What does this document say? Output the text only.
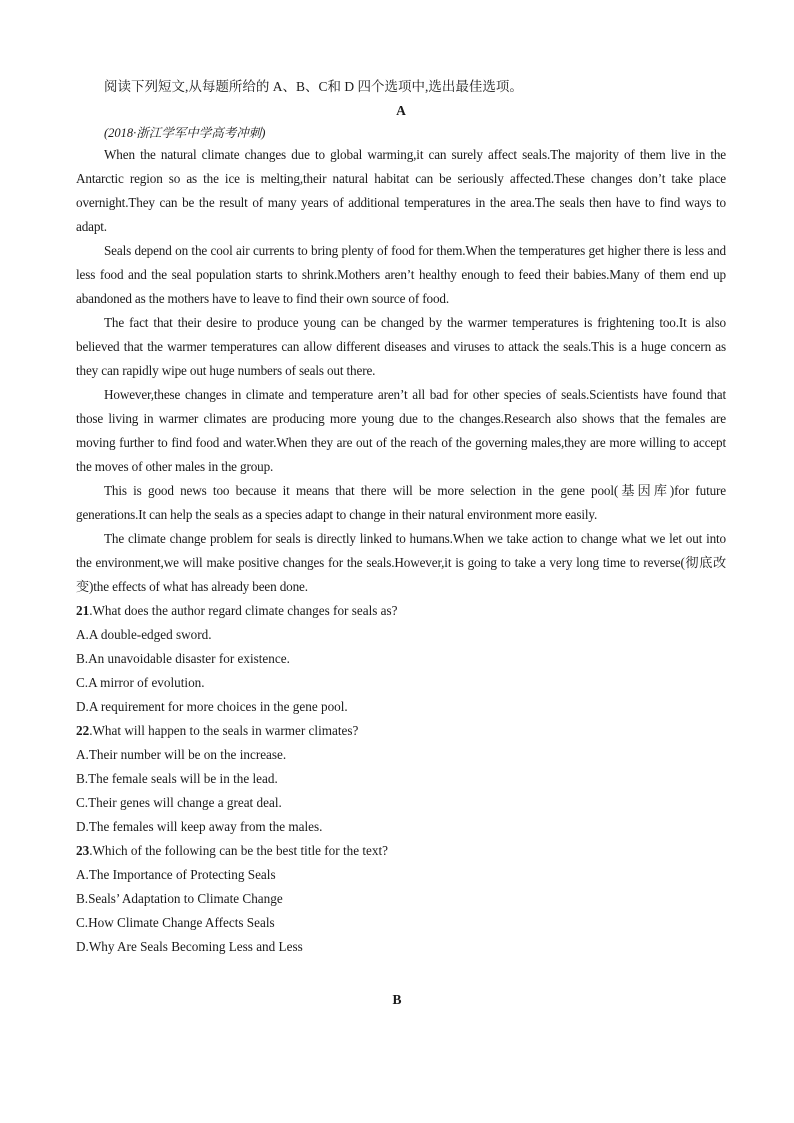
阅读下列短文,从每题所给的 A、B、C和 D 四个选项中,选出最佳选项。

A

(2018·浙江学军中学高考冲刺)

When the natural climate changes due to global warming,it can surely affect seals.The majority of them live in the Antarctic region so as the ice is melting,their natural habitat can be seriously affected.These changes don’t take place overnight.They can be the result of many years of additional temperatures in the area.The seals then have to find ways to adapt.

Seals depend on the cool air currents to bring plenty of food for them.When the temperatures get higher there is less and less food and the seal population starts to shrink.Mothers aren’t healthy enough to feed their babies.Many of them end up abandoned as the mothers have to leave to find their own source of food.

The fact that their desire to produce young can be changed by the warmer temperatures is frightening too.It is also believed that the warmer temperatures can allow different diseases and viruses to attack the seals.This is a huge concern as they can rapidly wipe out huge numbers of seals out there.

However,these changes in climate and temperature aren’t all bad for other species of seals.Scientists have found that those living in warmer climates are producing more young due to the changes.Research also shows that the females are moving further to find food and water.When they are out of the reach of the governing males,they are more willing to accept the moves of other males in the group.

This is good news too because it means that there will be more selection in the gene pool(基因库)for future generations.It can help the seals as a species adapt to change in their natural environment more easily.

The climate change problem for seals is directly linked to humans.When we take action to change what we let out into the environment,we will make positive changes for the seals.However,it is going to take a very long time to reverse(彻底改变)the effects of what has already been done.

21.What does the author regard climate changes for seals as?

A.A double-edged sword.

B.An unavoidable disaster for existence.

C.A mirror of evolution.

D.A requirement for more choices in the gene pool.

22.What will happen to the seals in warmer climates?

A.Their number will be on the increase.

B.The female seals will be in the lead.

C.Their genes will change a great deal.

D.The females will keep away from the males.

23.Which of the following can be the best title for the text?

A.The Importance of Protecting Seals

B.Seals’ Adaptation to Climate Change

C.How Climate Change Affects Seals

D.Why Are Seals Becoming Less and Less

B
